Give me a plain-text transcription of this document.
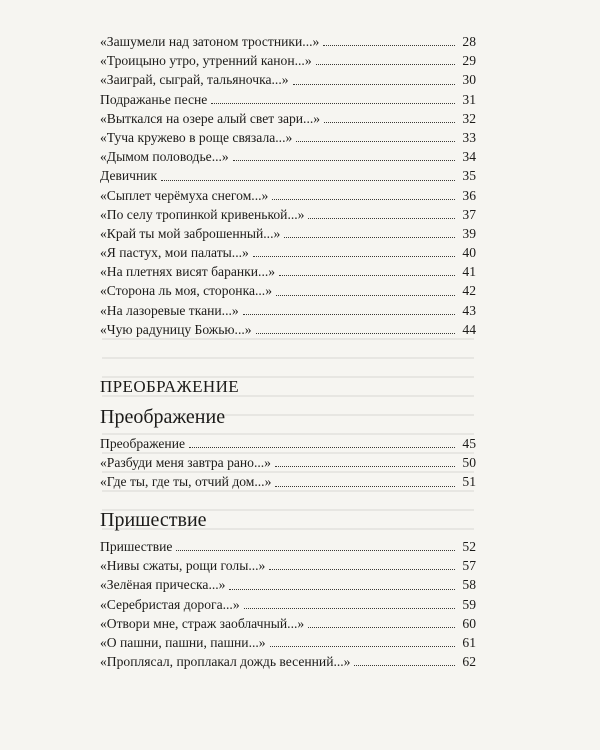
«Зашумели над затоном тростники...»	28
«Троицыно утро, утренний канон...»	29
«Заиграй, сыграй, тальяночка...»	30
Подражанье песне	31
«Выткался на озере алый свет зари...»	32
«Туча кружево в роще связала...»	33
«Дымом половодье...»	34
Девичник	35
«Сыплет черёмуха снегом...»	36
«По селу тропинкой кривенькой...»	37
«Край ты мой заброшенный...»	39
«Я пастух, мои палаты...»	40
«На плетнях висят баранки...»	41
«Сторона ль моя, сторонка...»	42
«На лазоревые ткани...»	43
«Чую радуницу Божью...»	44
ПРЕОБРАЖЕНИЕ
Преображение
Преображение	45
«Разбуди меня завтра рано...»	50
«Где ты, где ты, отчий дом...»	51
Пришествие
Пришествие	52
«Нивы сжаты, рощи голы...»	57
«Зелёная прическа...»	58
«Серебристая дорога...»	59
«Отвори мне, страж заоблачный...»	60
«О пашни, пашни, пашни...»	61
«Проплясал, проплакал дождь весенний...»	62
